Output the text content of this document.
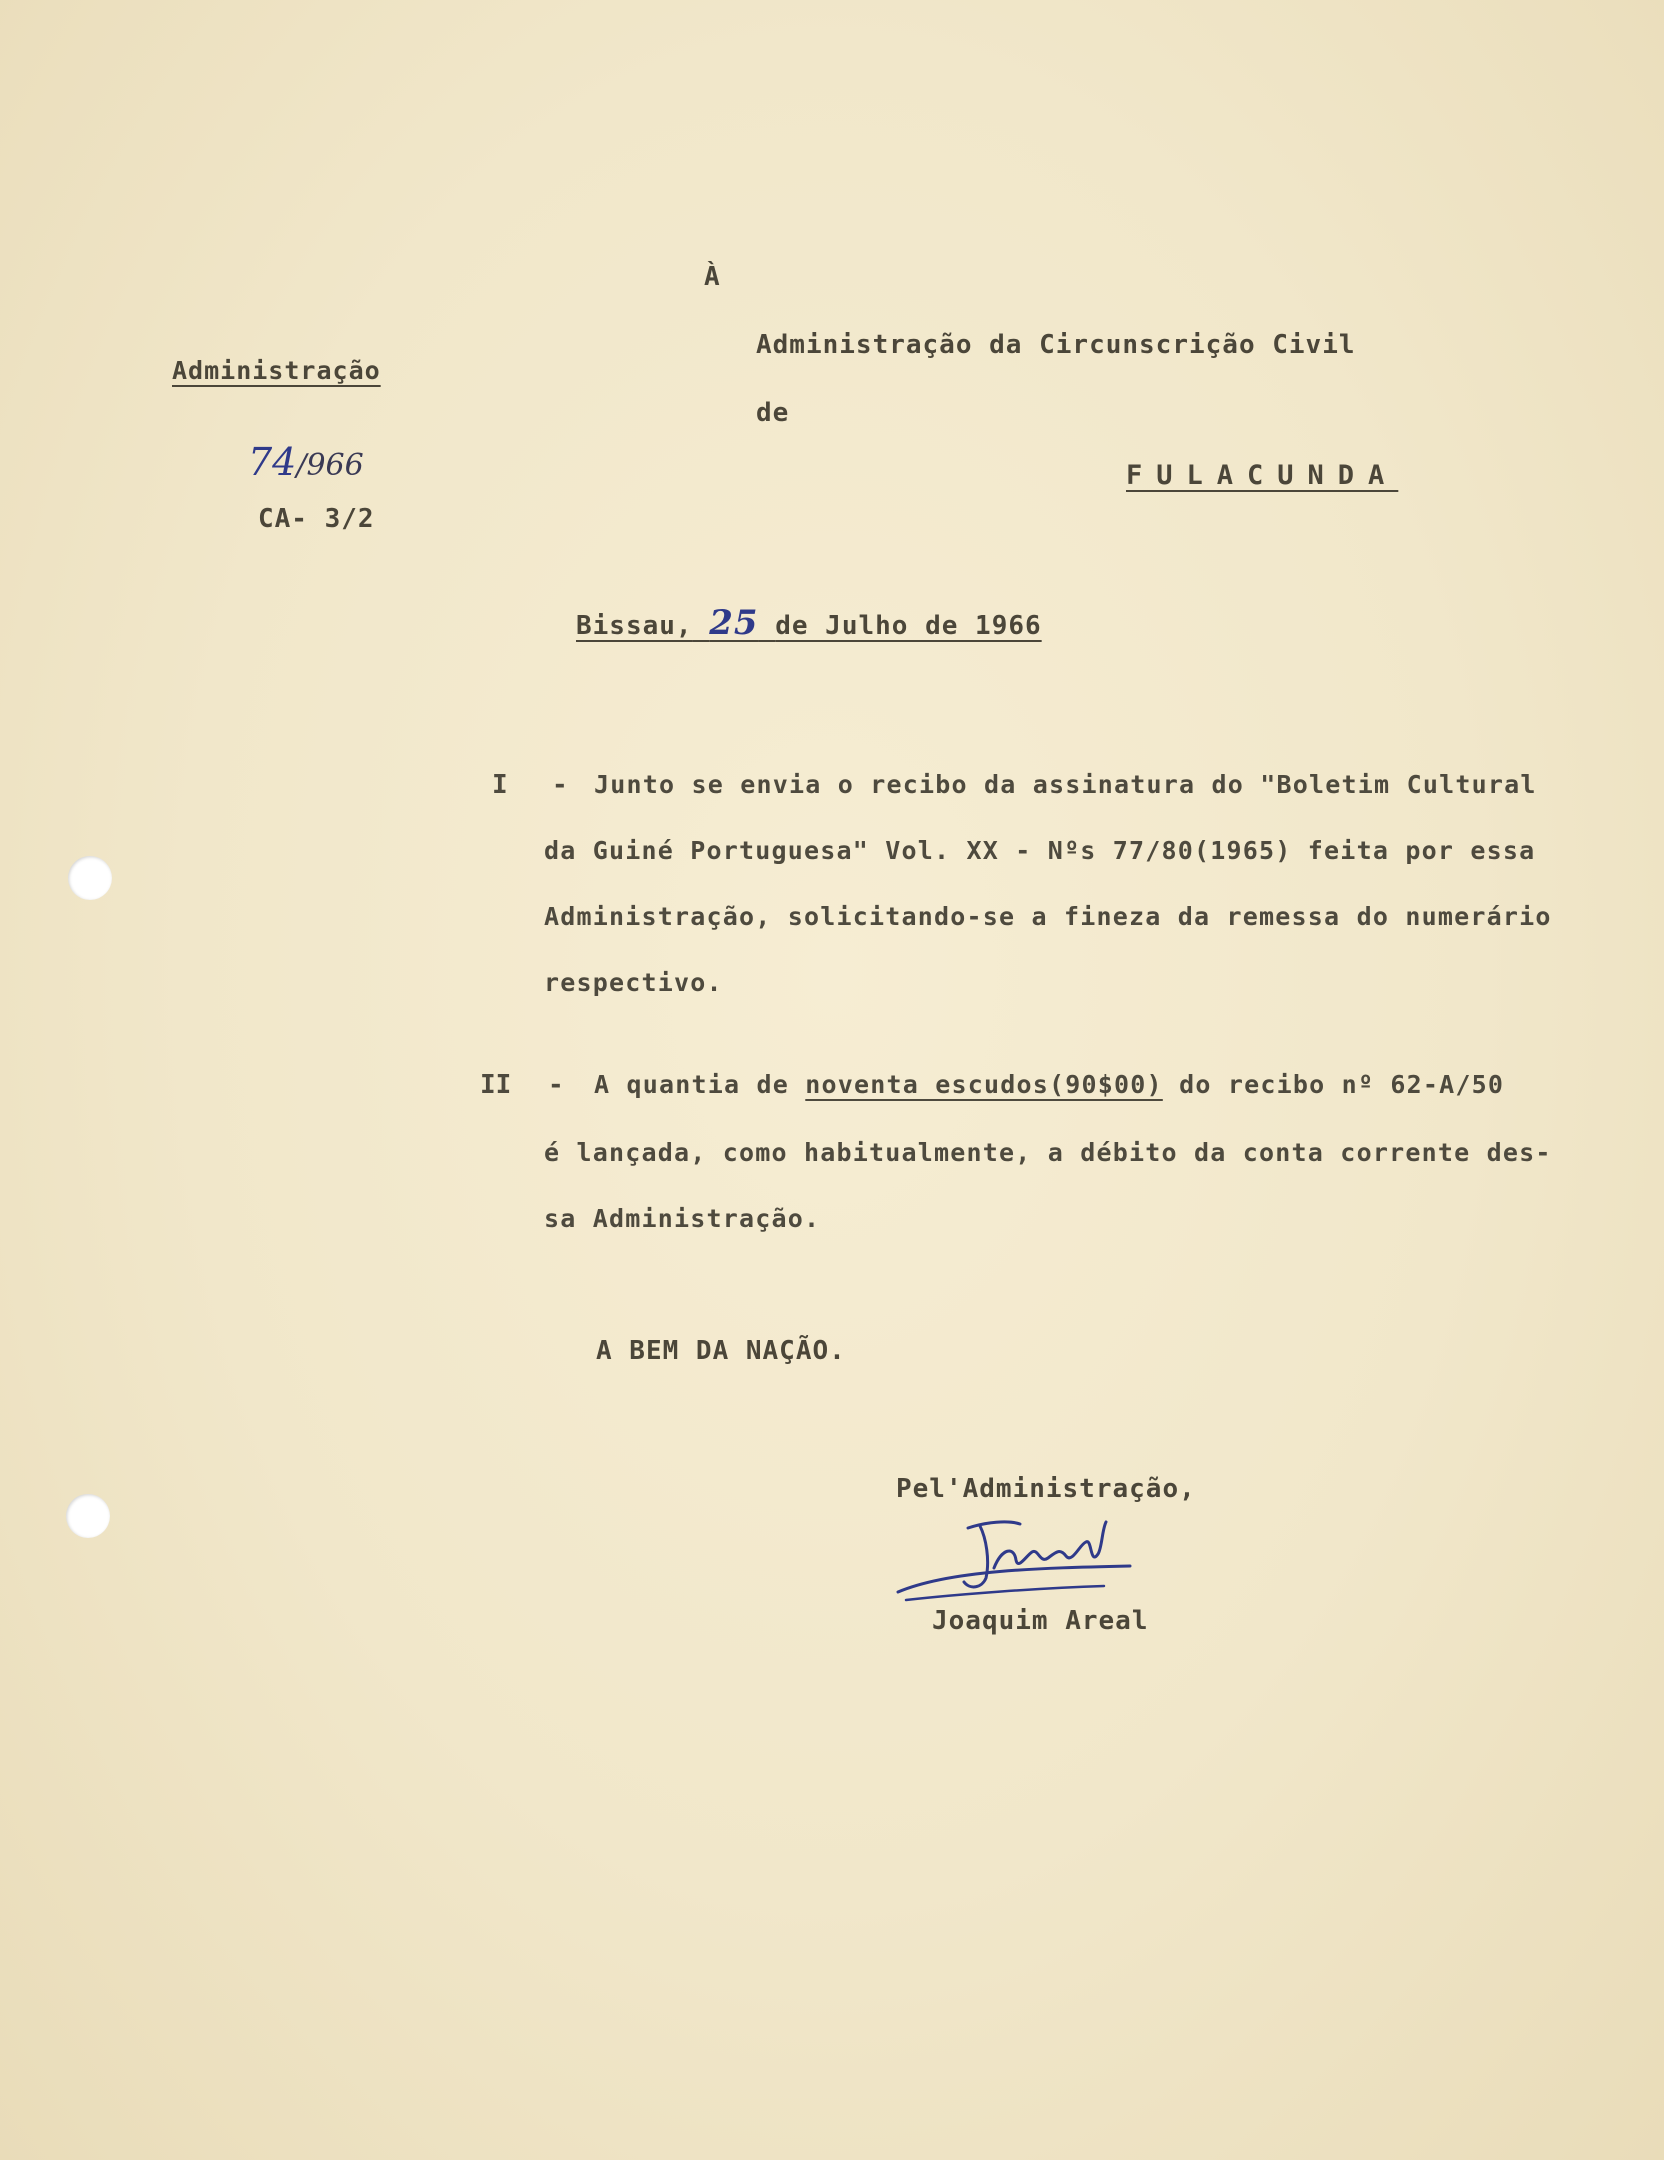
À
Administração
74/966
CA- 3/2
Administração da Circunscrição Civil
de
FULACUNDA
Bissau, 25 de Julho de 1966
I - Junto se envia o recibo da assinatura do "Boletim Cultural
da Guiné Portuguesa" Vol. XX - Nºs 77/80(1965) feita por essa
Administração, solicitando-se a fineza da remessa do numerário
respectivo.
II - A quantia de noventa escudos(90$00) do recibo nº 62-A/50
é lançada, como habitualmente, a débito da conta corrente des-
sa Administração.
A BEM DA NAÇÃO.
Pel'Administração,
Joaquim Areal
